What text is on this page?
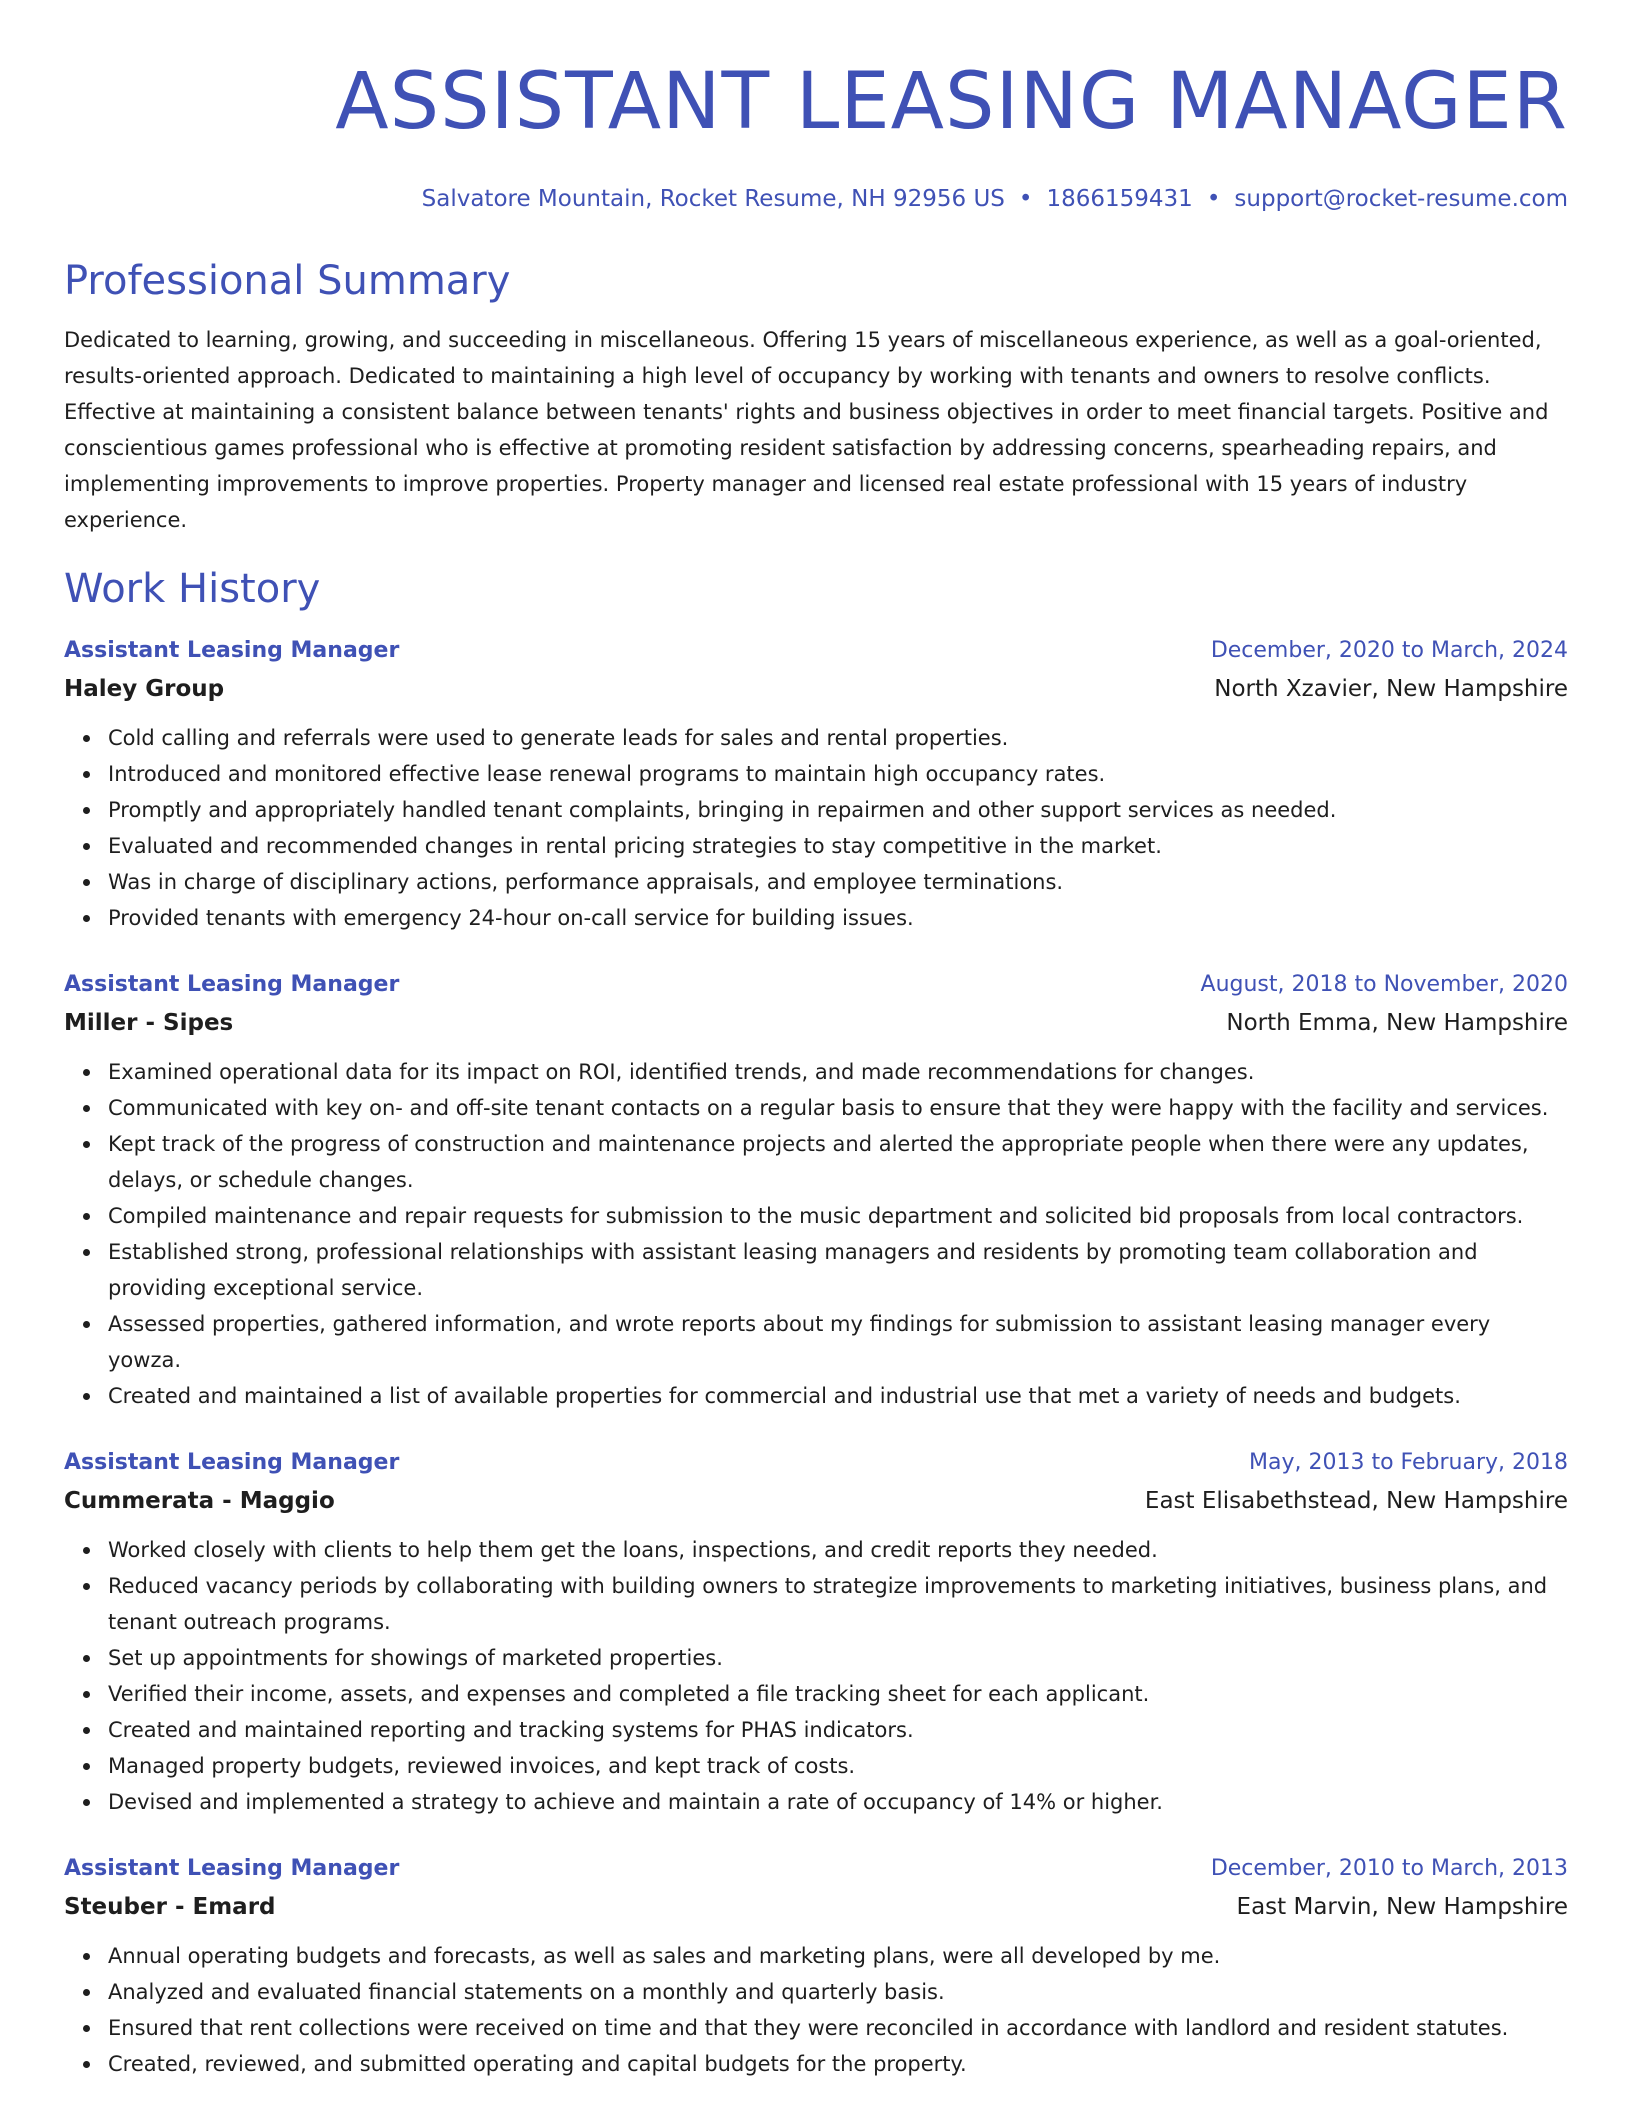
ASSISTANT LEASING MANAGER
Salvatore Mountain, Rocket Resume, NH 92956 US • 1866159431 • support@rocket-resume.com
Professional Summary
Dedicated to learning, growing, and succeeding in miscellaneous. Offering 15 years of miscellaneous experience, as well as a goal-oriented, results-oriented approach. Dedicated to maintaining a high level of occupancy by working with tenants and owners to resolve conflicts. Effective at maintaining a consistent balance between tenants' rights and business objectives in order to meet financial targets. Positive and conscientious games professional who is effective at promoting resident satisfaction by addressing concerns, spearheading repairs, and implementing improvements to improve properties. Property manager and licensed real estate professional with 15 years of industry experience.
Work History
Assistant Leasing Manager	December, 2020 to March, 2024
Haley Group	North Xzavier, New Hampshire
Cold calling and referrals were used to generate leads for sales and rental properties.
Introduced and monitored effective lease renewal programs to maintain high occupancy rates.
Promptly and appropriately handled tenant complaints, bringing in repairmen and other support services as needed.
Evaluated and recommended changes in rental pricing strategies to stay competitive in the market.
Was in charge of disciplinary actions, performance appraisals, and employee terminations.
Provided tenants with emergency 24-hour on-call service for building issues.
Assistant Leasing Manager	August, 2018 to November, 2020
Miller - Sipes	North Emma, New Hampshire
Examined operational data for its impact on ROI, identified trends, and made recommendations for changes.
Communicated with key on- and off-site tenant contacts on a regular basis to ensure that they were happy with the facility and services.
Kept track of the progress of construction and maintenance projects and alerted the appropriate people when there were any updates, delays, or schedule changes.
Compiled maintenance and repair requests for submission to the music department and solicited bid proposals from local contractors.
Established strong, professional relationships with assistant leasing managers and residents by promoting team collaboration and providing exceptional service.
Assessed properties, gathered information, and wrote reports about my findings for submission to assistant leasing manager every yowza.
Created and maintained a list of available properties for commercial and industrial use that met a variety of needs and budgets.
Assistant Leasing Manager	May, 2013 to February, 2018
Cummerata - Maggio	East Elisabethstead, New Hampshire
Worked closely with clients to help them get the loans, inspections, and credit reports they needed.
Reduced vacancy periods by collaborating with building owners to strategize improvements to marketing initiatives, business plans, and tenant outreach programs.
Set up appointments for showings of marketed properties.
Verified their income, assets, and expenses and completed a file tracking sheet for each applicant.
Created and maintained reporting and tracking systems for PHAS indicators.
Managed property budgets, reviewed invoices, and kept track of costs.
Devised and implemented a strategy to achieve and maintain a rate of occupancy of 14% or higher.
Assistant Leasing Manager	December, 2010 to March, 2013
Steuber - Emard	East Marvin, New Hampshire
Annual operating budgets and forecasts, as well as sales and marketing plans, were all developed by me.
Analyzed and evaluated financial statements on a monthly and quarterly basis.
Ensured that rent collections were received on time and that they were reconciled in accordance with landlord and resident statutes.
Created, reviewed, and submitted operating and capital budgets for the property.
